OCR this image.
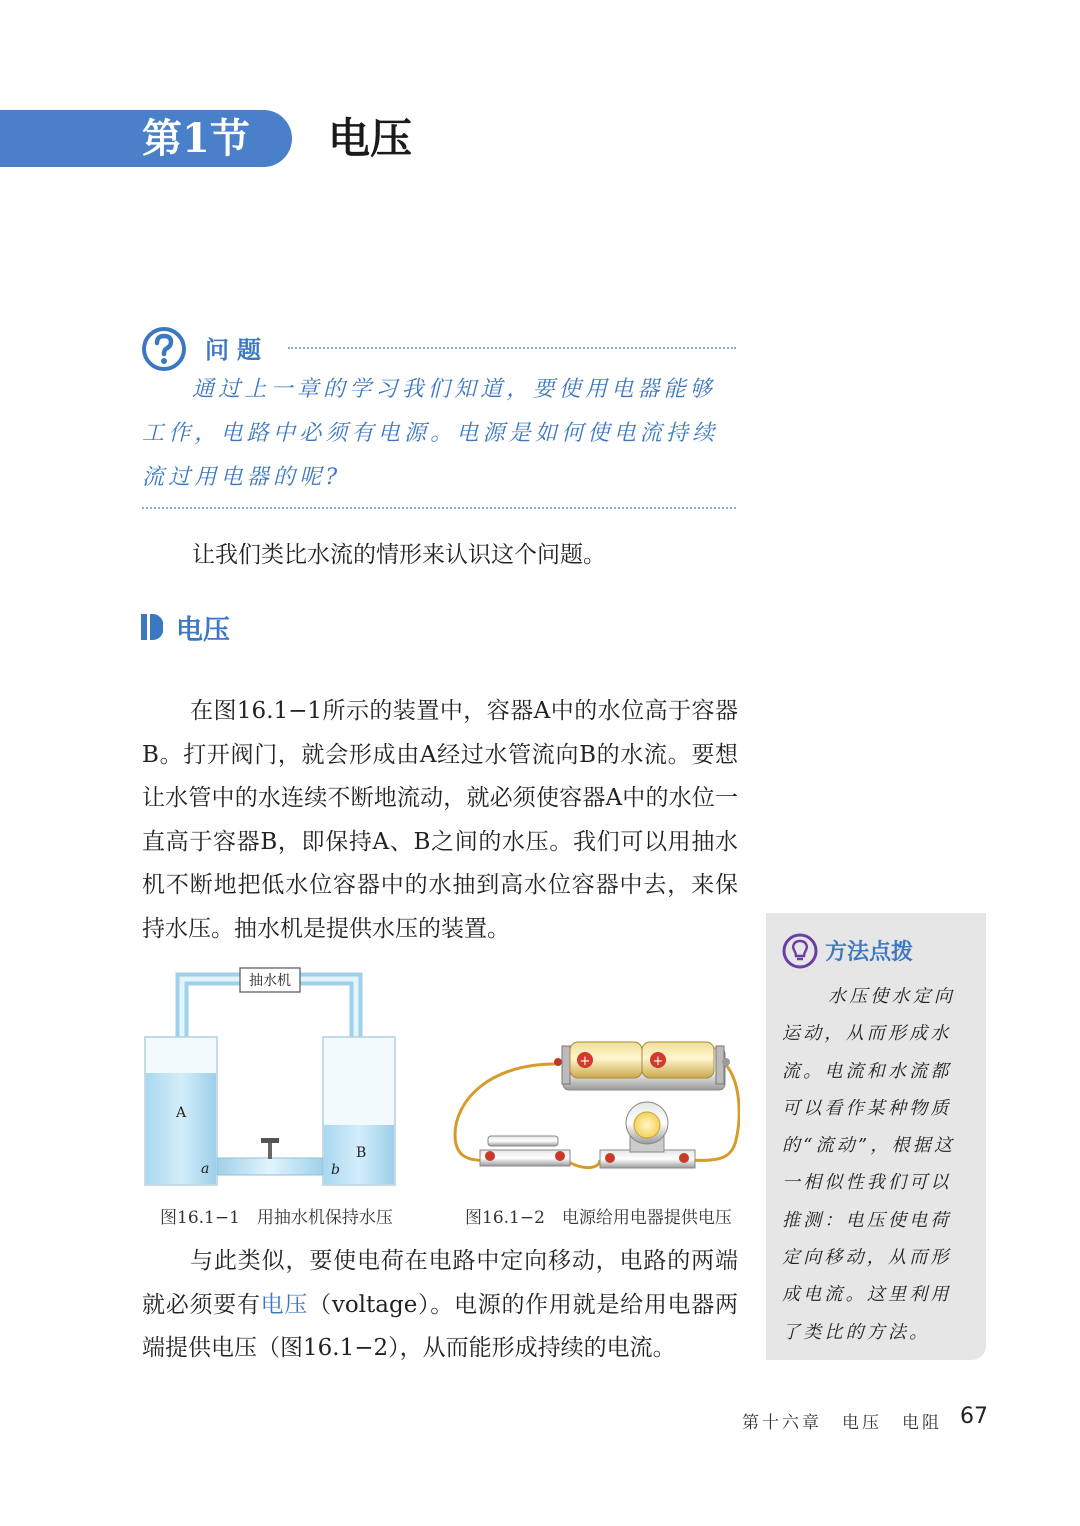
第1节 电压
问题
通过上一章的学习我们知道，要使用电器能够工作，电路中必须有电源。电源是如何使电流持续流过用电器的呢?
让我们类比水流的情形来认识这个问题。
电压
在图16.1−1所示的装置中，容器A中的水位高于容器B。打开阀门，就会形成由A经过水管流向B的水流。要想让水管中的水连续不断地流动，就必须使容器A中的水位一直高于容器B，即保持A、B之间的水压。我们可以用抽水机不断地把低水位容器中的水抽到高水位容器中去，来保持水压。抽水机是提供水压的装置。
抽水机
A
B
a	b
+	+
图16.1−1　用抽水机保持水压	图16.1−2　电源给用电器提供电压
与此类似，要使电荷在电路中定向移动，电路的两端就必须要有电压（voltage）。电源的作用就是给用电器两端提供电压（图16.1−2），从而能形成持续的电流。
方法点拨
水压使水定向运动，从而形成水流。电流和水流都可以看作某种物质的“流动”，根据这一相似性我们可以推测：电压使电荷定向移动，从而形成电流。这里利用了类比的方法。
第十六章　电压　电阻 67
